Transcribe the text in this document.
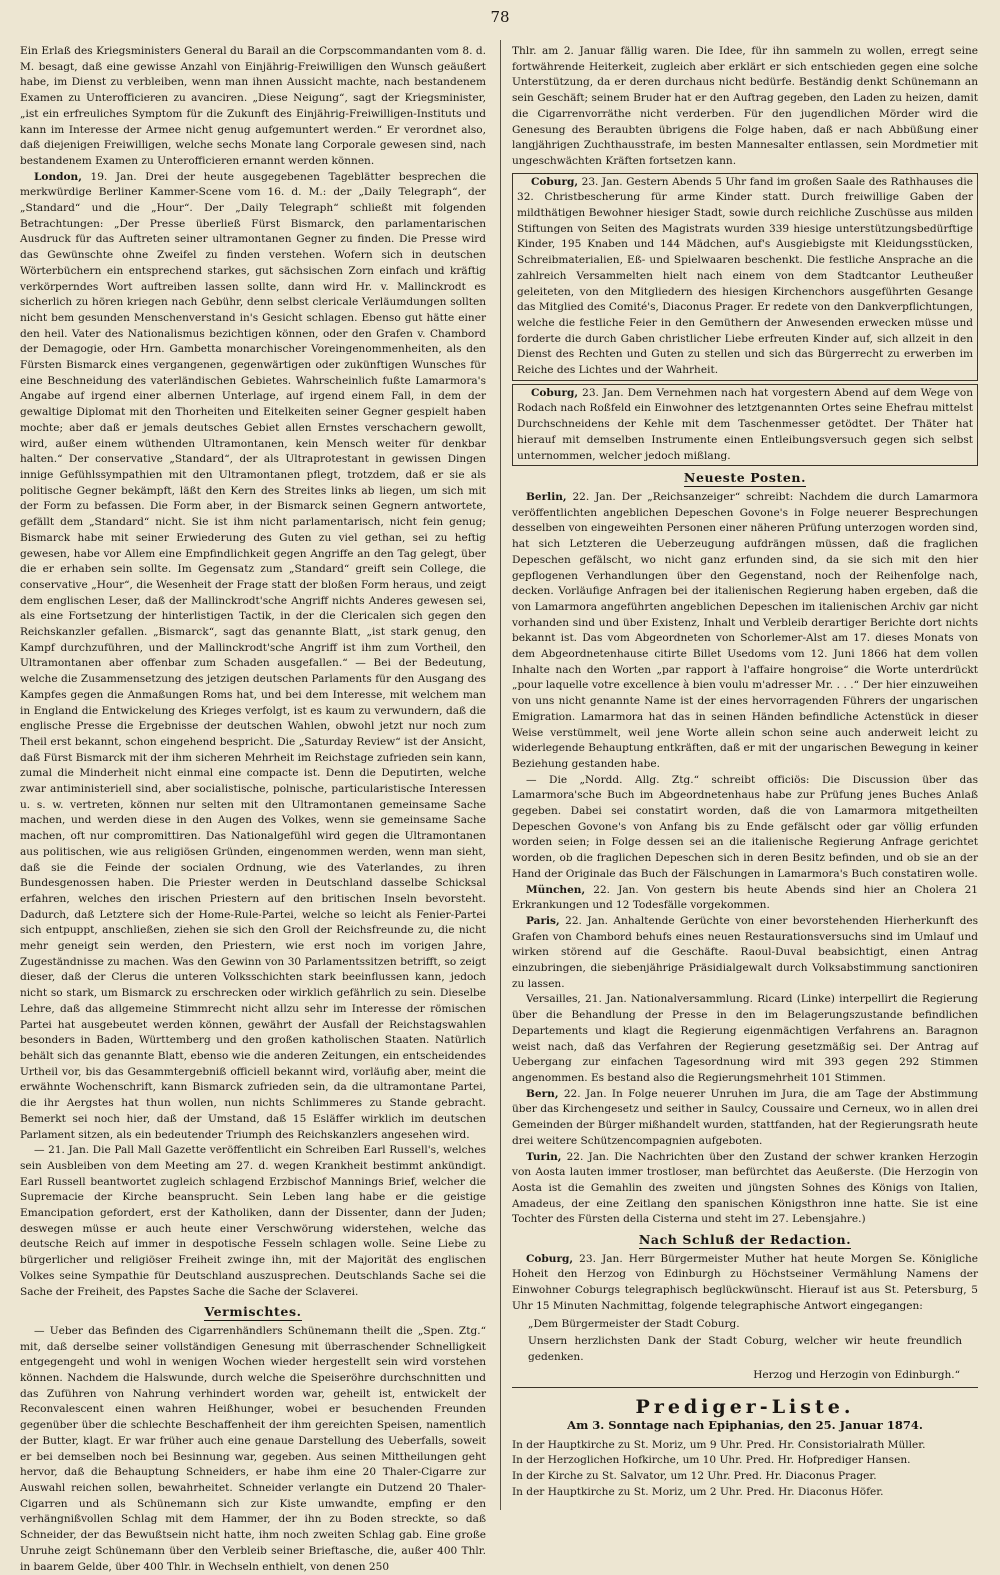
78

Ein Erlaß des Kriegsministers General du Barail an die Corpscommandanten vom 8. d. M. besagt, daß eine gewisse Anzahl von Einjährig-Freiwilligen den Wunsch geäußert habe, im Dienst zu verbleiben, wenn man ihnen Aussicht machte, nach bestandenem Examen zu Unterofficieren zu avanciren. „Diese Neigung“, sagt der Kriegsminister, „ist ein erfreuliches Symptom für die Zukunft des Einjährig-Freiwilligen-Instituts und kann im Interesse der Armee nicht genug aufgemuntert werden.“ Er verordnet also, daß diejenigen Freiwilligen, welche sechs Monate lang Corporale gewesen sind, nach bestandenem Examen zu Unterofficieren ernannt werden können.

London, 19. Jan. Drei der heute ausgegebenen Tageblätter besprechen die merkwürdige Berliner Kammer-Scene vom 16. d. M.: der „Daily Telegraph“, der „Standard“ und die „Hour“. Der „Daily Telegraph“ schließt mit folgenden Betrachtungen: „Der Presse überließ Fürst Bismarck, den parlamentarischen Ausdruck für das Auftreten seiner ultramontanen Gegner zu finden. Die Presse wird das Gewünschte ohne Zweifel zu finden verstehen. Wofern sich in deutschen Wörterbüchern ein entsprechend starkes, gut sächsischen Zorn einfach und kräftig verkörperndes Wort auftreiben lassen sollte, dann wird Hr. v. Mallinckrodt es sicherlich zu hören kriegen nach Gebühr, denn selbst clericale Verläumdungen sollten nicht bem gesunden Menschenverstand in's Gesicht schlagen. Ebenso gut hätte einer den heil. Vater des Nationalismus bezichtigen können, oder den Grafen v. Chambord der Demagogie, oder Hrn. Gambetta monarchischer Voreingenommenheiten, als den Fürsten Bismarck eines vergangenen, gegenwärtigen oder zukünftigen Wunsches für eine Beschneidung des vaterländischen Gebietes. Wahrscheinlich fußte Lamarmora's Angabe auf irgend einer albernen Unterlage, auf irgend einem Fall, in dem der gewaltige Diplomat mit den Thorheiten und Eitelkeiten seiner Gegner gespielt haben mochte; aber daß er jemals deutsches Gebiet allen Ernstes verschachern gewollt, wird, außer einem wüthenden Ultramontanen, kein Mensch weiter für denkbar halten.“ Der conservative „Standard“, der als Ultraprotestant in gewissen Dingen innige Gefühlssympathien mit den Ultramontanen pflegt, trotzdem, daß er sie als politische Gegner bekämpft, läßt den Kern des Streites links ab liegen, um sich mit der Form zu befassen. Die Form aber, in der Bismarck seinen Gegnern antwortete, gefällt dem „Standard“ nicht. Sie ist ihm nicht parlamentarisch, nicht fein genug; Bismarck habe mit seiner Erwiederung des Guten zu viel gethan, sei zu heftig gewesen, habe vor Allem eine Empfindlichkeit gegen Angriffe an den Tag gelegt, über die er erhaben sein sollte. Im Gegensatz zum „Standard“ greift sein College, die conservative „Hour“, die Wesenheit der Frage statt der bloßen Form heraus, und zeigt dem englischen Leser, daß der Mallinckrodt'sche Angriff nichts Anderes gewesen sei, als eine Fortsetzung der hinterlistigen Tactik, in der die Clericalen sich gegen den Reichskanzler gefallen. „Bismarck“, sagt das genannte Blatt, „ist stark genug, den Kampf durchzuführen, und der Mallinckrodt'sche Angriff ist ihm zum Vortheil, den Ultramontanen aber offenbar zum Schaden ausgefallen.“ — Bei der Bedeutung, welche die Zusammensetzung des jetzigen deutschen Parlaments für den Ausgang des Kampfes gegen die Anmaßungen Roms hat, und bei dem Interesse, mit welchem man in England die Entwickelung des Krieges verfolgt, ist es kaum zu verwundern, daß die englische Presse die Ergebnisse der deutschen Wahlen, obwohl jetzt nur noch zum Theil erst bekannt, schon eingehend bespricht. Die „Saturday Review“ ist der Ansicht, daß Fürst Bismarck mit der ihm sicheren Mehrheit im Reichstage zufrieden sein kann, zumal die Minderheit nicht einmal eine compacte ist. Denn die Deputirten, welche zwar antiministeriell sind, aber socialistische, polnische, particularistische Interessen u. s. w. vertreten, können nur selten mit den Ultramontanen gemeinsame Sache machen, und werden diese in den Augen des Volkes, wenn sie gemeinsame Sache machen, oft nur compromittiren. Das Nationalgefühl wird gegen die Ultramontanen aus politischen, wie aus religiösen Gründen, eingenommen werden, wenn man sieht, daß sie die Feinde der socialen Ordnung, wie des Vaterlandes, zu ihren Bundesgenossen haben. Die Priester werden in Deutschland dasselbe Schicksal erfahren, welches den irischen Priestern auf den britischen Inseln bevorsteht. Dadurch, daß Letztere sich der Home-Rule-Partei, welche so leicht als Fenier-Partei sich entpuppt, anschließen, ziehen sie sich den Groll der Reichsfreunde zu, die nicht mehr geneigt sein werden, den Priestern, wie erst noch im vorigen Jahre, Zugeständnisse zu machen. Was den Gewinn von 30 Parlamentssitzen betrifft, so zeigt dieser, daß der Clerus die unteren Volksschichten stark beeinflussen kann, jedoch nicht so stark, um Bismarck zu erschrecken oder wirklich gefährlich zu sein. Dieselbe Lehre, daß das allgemeine Stimmrecht nicht allzu sehr im Interesse der römischen Partei hat ausgebeutet werden können, gewährt der Ausfall der Reichstagswahlen besonders in Baden, Württemberg und den großen katholischen Staaten. Natürlich behält sich das genannte Blatt, ebenso wie die anderen Zeitungen, ein entscheidendes Urtheil vor, bis das Gesammtergebniß officiell bekannt wird, vorläufig aber, meint die erwähnte Wochenschrift, kann Bismarck zufrieden sein, da die ultramontane Partei, die ihr Aergstes hat thun wollen, nun nichts Schlimmeres zu Stande gebracht. Bemerkt sei noch hier, daß der Umstand, daß 15 Esläffer wirklich im deutschen Parlament sitzen, als ein bedeutender Triumph des Reichskanzlers angesehen wird.

— 21. Jan. Die Pall Mall Gazette veröffentlicht ein Schreiben Earl Russell's, welches sein Ausbleiben von dem Meeting am 27. d. wegen Krankheit bestimmt ankündigt. Earl Russell beantwortet zugleich schlagend Erzbischof Mannings Brief, welcher die Supremacie der Kirche beansprucht. Sein Leben lang habe er die geistige Emancipation gefordert, erst der Katholiken, dann der Dissenter, dann der Juden; deswegen müsse er auch heute einer Verschwörung widerstehen, welche das deutsche Reich auf immer in despotische Fesseln schlagen wolle. Seine Liebe zu bürgerlicher und religiöser Freiheit zwinge ihn, mit der Majorität des englischen Volkes seine Sympathie für Deutschland auszusprechen. Deutschlands Sache sei die Sache der Freiheit, des Papstes Sache die Sache der Sclaverei.

Vermischtes.

— Ueber das Befinden des Cigarrenhändlers Schünemann theilt die „Spen. Ztg.“ mit, daß derselbe seiner vollständigen Genesung mit überraschender Schnelligkeit entgegengeht und wohl in wenigen Wochen wieder hergestellt sein wird vorstehen können. Nachdem die Halswunde, durch welche die Speiseröhre durchschnitten und das Zuführen von Nahrung verhindert worden war, geheilt ist, entwickelt der Reconvalescent einen wahren Heißhunger, wobei er besuchenden Freunden gegenüber über die schlechte Beschaffenheit der ihm gereichten Speisen, namentlich der Butter, klagt. Er war früher auch eine genaue Darstellung des Ueberfalls, soweit er bei demselben noch bei Besinnung war, gegeben. Aus seinen Mittheilungen geht hervor, daß die Behauptung Schneiders, er habe ihm eine 20 Thaler-Cigarre zur Auswahl reichen sollen, bewahrheitet. Schneider verlangte ein Dutzend 20 Thaler-Cigarren und als Schünemann sich zur Kiste umwandte, empfing er den verhängnißvollen Schlag mit dem Hammer, der ihn zu Boden streckte, so daß Schneider, der das Bewußtsein nicht hatte, ihm noch zweiten Schlag gab. Eine große Unruhe zeigt Schünemann über den Verbleib seiner Brieftasche, die, außer 400 Thlr. in baarem Gelde, über 400 Thlr. in Wechseln enthielt, von denen 250

Thlr. am 2. Januar fällig waren. Die Idee, für ihn sammeln zu wollen, erregt seine fortwährende Heiterkeit, zugleich aber erklärt er sich entschieden gegen eine solche Unterstützung, da er deren durchaus nicht bedürfe. Beständig denkt Schünemann an sein Geschäft; seinem Bruder hat er den Auftrag gegeben, den Laden zu heizen, damit die Cigarrenvorräthe nicht verderben. Für den jugendlichen Mörder wird die Genesung des Beraubten übrigens die Folge haben, daß er nach Abbüßung einer langjährigen Zuchthausstrafe, im besten Mannesalter entlassen, sein Mordmetier mit ungeschwächten Kräften fortsetzen kann.

Coburg, 23. Jan. Gestern Abends 5 Uhr fand im großen Saale des Rathhauses die 32. Christbescherung für arme Kinder statt. Durch freiwillige Gaben der mildthätigen Bewohner hiesiger Stadt, sowie durch reichliche Zuschüsse aus milden Stiftungen von Seiten des Magistrats wurden 339 hiesige unterstützungsbedürftige Kinder, 195 Knaben und 144 Mädchen, auf's Ausgiebigste mit Kleidungsstücken, Schreibmaterialien, Eß- und Spielwaaren beschenkt. Die festliche Ansprache an die zahlreich Versammelten hielt nach einem von dem Stadtcantor Leutheußer geleiteten, von den Mitgliedern des hiesigen Kirchenchors ausgeführten Gesange das Mitglied des Comité's, Diaconus Prager. Er redete von den Dankverpflichtungen, welche die festliche Feier in den Gemüthern der Anwesenden erwecken müsse und forderte die durch Gaben christlicher Liebe erfreuten Kinder auf, sich allzeit in den Dienst des Rechten und Guten zu stellen und sich das Bürgerrecht zu erwerben im Reiche des Lichtes und der Wahrheit.

Coburg, 23. Jan. Dem Vernehmen nach hat vorgestern Abend auf dem Wege von Rodach nach Roßfeld ein Einwohner des letztgenannten Ortes seine Ehefrau mittelst Durchschneidens der Kehle mit dem Taschenmesser getödtet. Der Thäter hat hierauf mit demselben Instrumente einen Entleibungsversuch gegen sich selbst unternommen, welcher jedoch mißlang.

Neueste Posten.

Berlin, 22. Jan. Der „Reichsanzeiger“ schreibt: Nachdem die durch Lamarmora veröffentlichten angeblichen Depeschen Govone's in Folge neuerer Besprechungen desselben von eingeweihten Personen einer näheren Prüfung unterzogen worden sind, hat sich Letzteren die Ueberzeugung aufdrängen müssen, daß die fraglichen Depeschen gefälscht, wo nicht ganz erfunden sind, da sie sich mit den hier gepflogenen Verhandlungen über den Gegenstand, noch der Reihenfolge nach, decken. Vorläufige Anfragen bei der italienischen Regierung haben ergeben, daß die von Lamarmora angeführten angeblichen Depeschen im italienischen Archiv gar nicht vorhanden sind und über Existenz, Inhalt und Verbleib derartiger Berichte dort nichts bekannt ist. Das vom Abgeordneten von Schorlemer-Alst am 17. dieses Monats von dem Abgeordnetenhause citirte Billet Usedoms vom 12. Juni 1866 hat dem vollen Inhalte nach den Worten „par rapport à l'affaire hongroise“ die Worte unterdrückt „pour laquelle votre excellence à bien voulu m'adresser Mr. . . .“ Der hier einzuweihen von uns nicht genannte Name ist der eines hervorragenden Führers der ungarischen Emigration. Lamarmora hat das in seinen Händen befindliche Actenstück in dieser Weise verstümmelt, weil jene Worte allein schon seine auch anderweit leicht zu widerlegende Behauptung entkräften, daß er mit der ungarischen Bewegung in keiner Beziehung gestanden habe.

— Die „Nordd. Allg. Ztg.“ schreibt officiös: Die Discussion über das Lamarmora'sche Buch im Abgeordnetenhaus habe zur Prüfung jenes Buches Anlaß gegeben. Dabei sei constatirt worden, daß die von Lamarmora mitgetheilten Depeschen Govone's von Anfang bis zu Ende gefälscht oder gar völlig erfunden worden seien; in Folge dessen sei an die italienische Regierung Anfrage gerichtet worden, ob die fraglichen Depeschen sich in deren Besitz befinden, und ob sie an der Hand der Originale das Buch der Fälschungen in Lamarmora's Buch constatiren wolle.

München, 22. Jan. Von gestern bis heute Abends sind hier an Cholera 21 Erkrankungen und 12 Todesfälle vorgekommen.

Paris, 22. Jan. Anhaltende Gerüchte von einer bevorstehenden Hierherkunft des Grafen von Chambord behufs eines neuen Restaurationsversuchs sind im Umlauf und wirken störend auf die Geschäfte. Raoul-Duval beabsichtigt, einen Antrag einzubringen, die siebenjährige Präsidialgewalt durch Volksabstimmung sanctioniren zu lassen.

Versailles, 21. Jan. Nationalversammlung. Ricard (Linke) interpellirt die Regierung über die Behandlung der Presse in den im Belagerungszustande befindlichen Departements und klagt die Regierung eigenmächtigen Verfahrens an. Baragnon weist nach, daß das Verfahren der Regierung gesetzmäßig sei. Der Antrag auf Uebergang zur einfachen Tagesordnung wird mit 393 gegen 292 Stimmen angenommen. Es bestand also die Regierungsmehrheit 101 Stimmen.

Bern, 22. Jan. In Folge neuerer Unruhen im Jura, die am Tage der Abstimmung über das Kirchengesetz und seither in Saulcy, Coussaire und Cerneux, wo in allen drei Gemeinden der Bürger mißhandelt wurden, stattfanden, hat der Regierungsrath heute drei weitere Schützencompagnien aufgeboten.

Turin, 22. Jan. Die Nachrichten über den Zustand der schwer kranken Herzogin von Aosta lauten immer trostloser, man befürchtet das Aeußerste. (Die Herzogin von Aosta ist die Gemahlin des zweiten und jüngsten Sohnes des Königs von Italien, Amadeus, der eine Zeitlang den spanischen Königsthron inne hatte. Sie ist eine Tochter des Fürsten della Cisterna und steht im 27. Lebensjahre.)

Nach Schluß der Redaction.

Coburg, 23. Jan. Herr Bürgermeister Muther hat heute Morgen Se. Königliche Hoheit den Herzog von Edinburgh zu Höchstseiner Vermählung Namens der Einwohner Coburgs telegraphisch beglückwünscht. Hierauf ist aus St. Petersburg, 5 Uhr 15 Minuten Nachmittag, folgende telegraphische Antwort eingegangen:

„Dem Bürgermeister der Stadt Coburg.

Unsern herzlichsten Dank der Stadt Coburg, welcher wir heute freundlich gedenken.

Herzog und Herzogin von Edinburgh.“

Prediger-Liste.
Am 3. Sonntage nach Epiphanias, den 25. Januar 1874.

In der Hauptkirche zu St. Moriz, um 9 Uhr. Pred. Hr. Consistorialrath Müller.

In der Herzoglichen Hofkirche, um 10 Uhr. Pred. Hr. Hofprediger Hansen.

In der Kirche zu St. Salvator, um 12 Uhr. Pred. Hr. Diaconus Prager.

In der Hauptkirche zu St. Moriz, um 2 Uhr. Pred. Hr. Diaconus Höfer.
